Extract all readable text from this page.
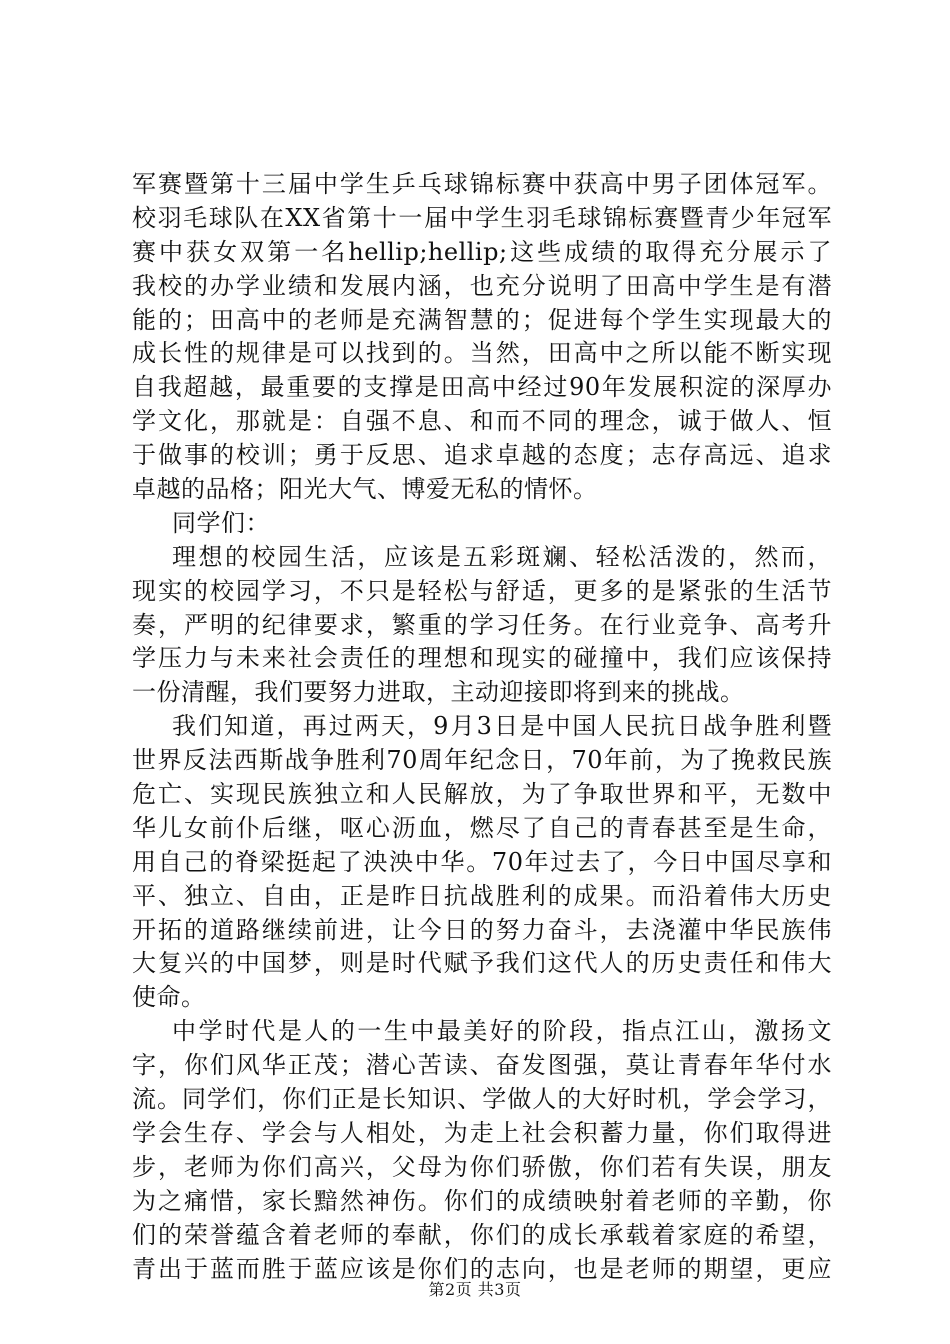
军赛暨第十三届中学生乒乓球锦标赛中获高中男子团体冠军。
校羽毛球队在XX省第十一届中学生羽毛球锦标赛暨青少年冠军
赛中获女双第一名hellip;hellip;这些成绩的取得充分展示了
我校的办学业绩和发展内涵，也充分说明了田高中学生是有潜
能的；田高中的老师是充满智慧的；促进每个学生实现最大的
成长性的规律是可以找到的。当然，田高中之所以能不断实现
自我超越，最重要的支撑是田高中经过90年发展积淀的深厚办
学文化，那就是：自强不息、和而不同的理念，诚于做人、恒
于做事的校训；勇于反思、追求卓越的态度；志存高远、追求
卓越的品格；阳光大气、博爱无私的情怀。
同学们：
理想的校园生活，应该是五彩斑斓、轻松活泼的，然而，
现实的校园学习，不只是轻松与舒适，更多的是紧张的生活节
奏，严明的纪律要求，繁重的学习任务。在行业竞争、高考升
学压力与未来社会责任的理想和现实的碰撞中，我们应该保持
一份清醒，我们要努力进取，主动迎接即将到来的挑战。
我们知道，再过两天，9月3日是中国人民抗日战争胜利暨
世界反法西斯战争胜利70周年纪念日，70年前，为了挽救民族
危亡、实现民族独立和人民解放，为了争取世界和平，无数中
华儿女前仆后继，呕心沥血，燃尽了自己的青春甚至是生命，
用自己的脊梁挺起了泱泱中华。70年过去了，今日中国尽享和
平、独立、自由，正是昨日抗战胜利的成果。而沿着伟大历史
开拓的道路继续前进，让今日的努力奋斗，去浇灌中华民族伟
大复兴的中国梦，则是时代赋予我们这代人的历史责任和伟大
使命。
中学时代是人的一生中最美好的阶段，指点江山，激扬文
字，你们风华正茂；潜心苦读、奋发图强，莫让青春年华付水
流。同学们，你们正是长知识、学做人的大好时机，学会学习，
学会生存、学会与人相处，为走上社会积蓄力量，你们取得进
步，老师为你们高兴，父母为你们骄傲，你们若有失误，朋友
为之痛惜，家长黯然神伤。你们的成绩映射着老师的辛勤，你
们的荣誉蕴含着老师的奉献，你们的成长承载着家庭的希望，
青出于蓝而胜于蓝应该是你们的志向，也是老师的期望，更应
第2页 共3页
